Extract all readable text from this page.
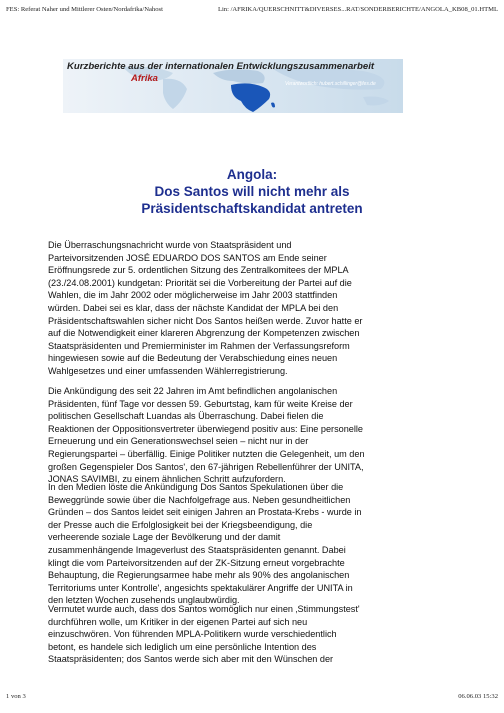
FES: Referat Naher und Mittlerer Osten/Nordafrika/Nahost	Lin: /AFRIKA/QUERSCHNITT&DIVERSES...RAT/SONDERBERICHTE/ANGOLA_KB08_01.HTML
Kurzberichte aus der internationalen Entwicklungszusammenarbeit
Afrika	Verantwortlich: hubert.schillinger@fes.de
Angola:
Dos Santos will nicht mehr als
Präsidentschaftskandidat antreten
Die Überraschungsnachricht wurde von Staatspräsident und
Parteivorsitzenden JOSÉ EDUARDO DOS SANTOS am Ende seiner
Eröffnungsrede zur 5. ordentlichen Sitzung des Zentralkomitees der MPLA
(23./24.08.2001) kundgetan: Priorität sei die Vorbereitung der Partei auf die
Wahlen, die im Jahr 2002 oder möglicherweise im Jahr 2003 stattfinden
würden. Dabei sei es klar, dass der nächste Kandidat der MPLA bei den
Präsidentschaftswahlen sicher nicht Dos Santos heißen werde. Zuvor hatte er
auf die Notwendigkeit einer klareren Abgrenzung der Kompetenzen zwischen
Staatspräsidenten und Premierminister im Rahmen der Verfassungsreform
hingewiesen sowie auf die Bedeutung der Verabschiedung eines neuen
Wahlgesetzes und einer umfassenden Wählerregistrierung.
Die Ankündigung des seit 22 Jahren im Amt befindlichen angolanischen
Präsidenten, fünf Tage vor dessen 59. Geburtstag, kam für weite Kreise der
politischen Gesellschaft Luandas als Überraschung. Dabei fielen die
Reaktionen der Oppositionsvertreter überwiegend positiv aus: Eine personelle
Erneuerung und ein Generationswechsel seien – nicht nur in der
Regierungspartei – überfällig. Einige Politiker nutzten die Gelegenheit, um den
großen Gegenspieler Dos Santos', den 67-jährigen Rebellenführer der UNITA,
JONAS SAVIMBI, zu einem ähnlichen Schritt aufzufordern.
In den Medien löste die Ankündigung Dos Santos Spekulationen über die
Beweggründe sowie über die Nachfolgefrage aus. Neben gesundheitlichen
Gründen – dos Santos leidet seit einigen Jahren an Prostata-Krebs - wurde in
der Presse auch die Erfolglosigkeit bei der Kriegsbeendigung, die
verheerende soziale Lage der Bevölkerung und der damit
zusammenhängende Imageverlust des Staatspräsidenten genannt. Dabei
klingt die vom Parteivorsitzenden auf der ZK-Sitzung erneut vorgebrachte
Behauptung, die Regierungsarmee habe mehr als 90% des angolanischen
Territoriums unter Kontrolle', angesichts spektakulärer Angriffe der UNITA in
den letzten Wochen zusehends unglaubwürdig.
Vermutet wurde auch, dass dos Santos womöglich nur einen ‚Stimmungstest'
durchführen wolle, um Kritiker in der eigenen Partei auf sich neu
einzuschwören. Von führenden MPLA-Politikern wurde verschiedentlich
betont, es handele sich lediglich um eine persönliche Intention des
Staatspräsidenten; dos Santos werde sich aber mit den Wünschen der
1 von 3	06.06.03 15:32
